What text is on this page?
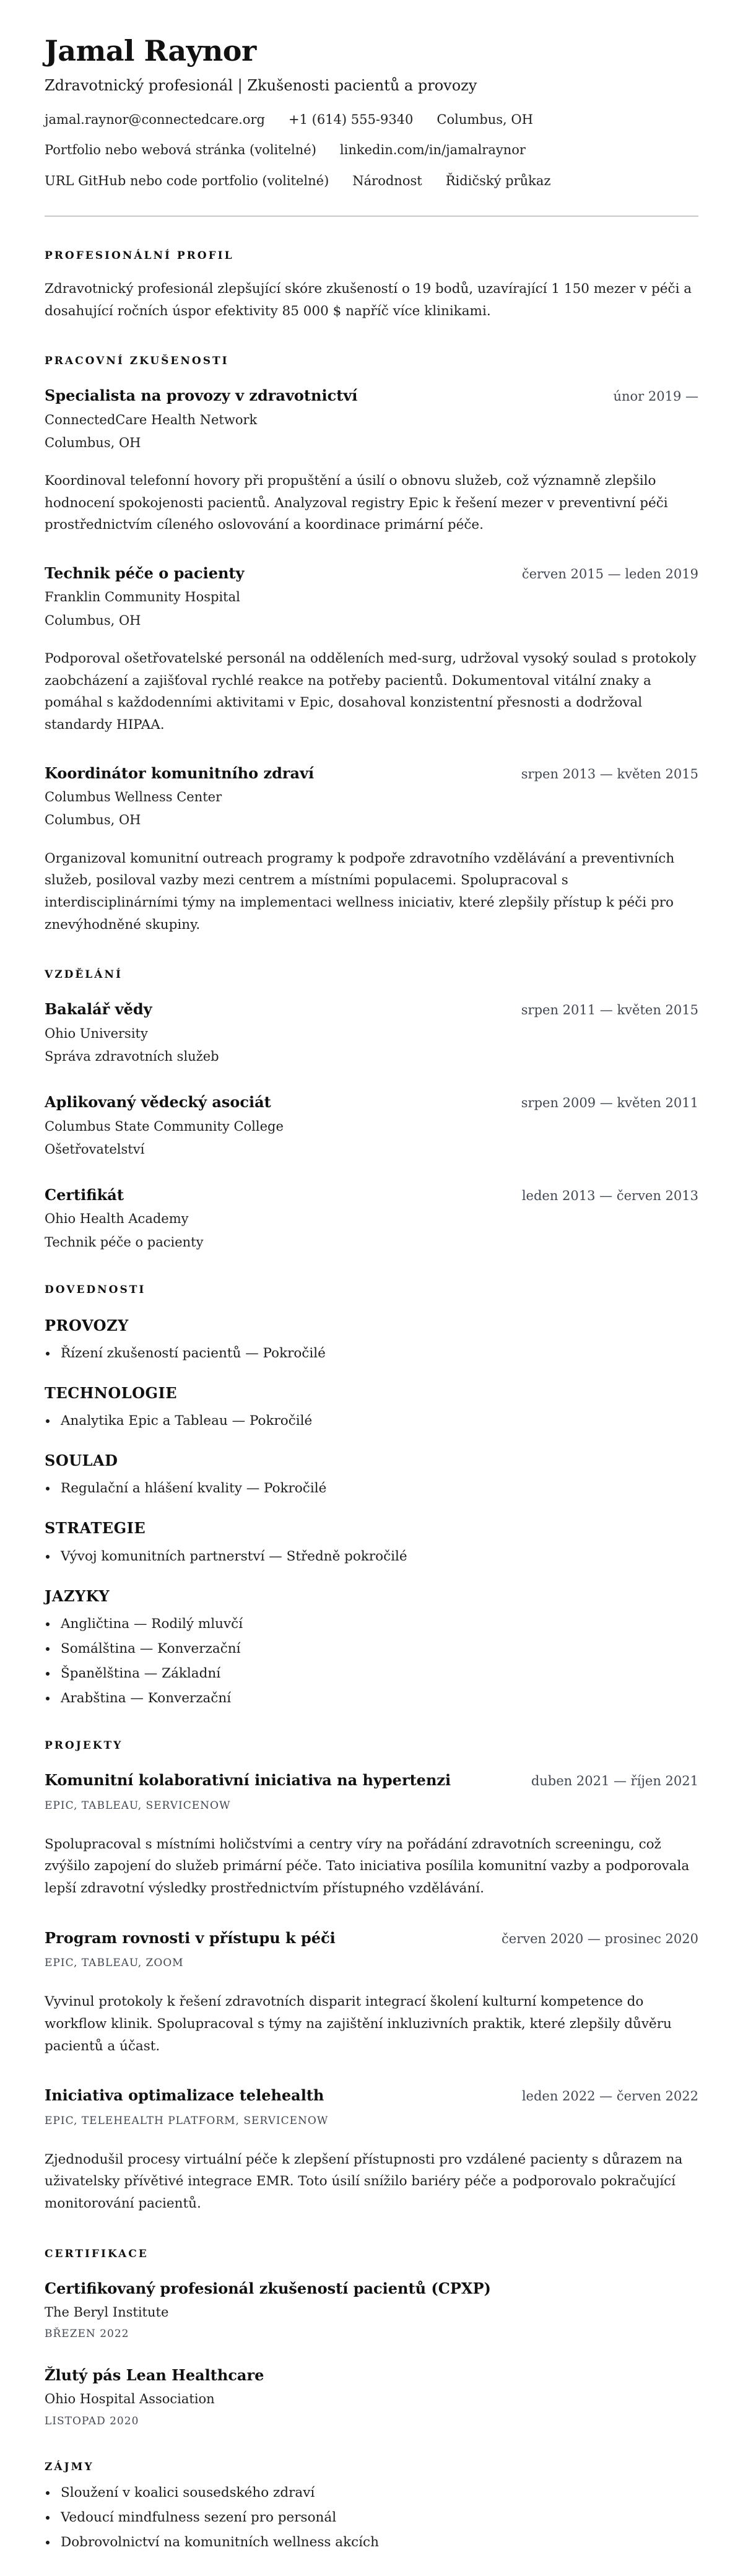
Jamal Raynor
Zdravotnický profesionál | Zkušenosti pacientů a provozy
jamal.raynor@connectedcare.org +1 (614) 555-9340 Columbus, OH
Portfolio nebo webová stránka (volitelné) linkedin.com/in/jamalraynor
URL GitHub nebo code portfolio (volitelné) Národnost Řidičský průkaz
PROFESIONÁLNÍ PROFIL

Zdravotnický profesionál zlepšující skóre zkušeností o 19 bodů, uzavírající 1 150 mezer v péči a dosahující ročních úspor efektivity 85 000 $ napříč více klinikami.

PRACOVNÍ ZKUŠENOSTI
Specialista na provozy v zdravotnictví	únor 2019 —
ConnectedCare Health Network
Columbus, OH

Koordinoval telefonní hovory při propuštění a úsilí o obnovu služeb, což významně zlepšilo hodnocení spokojenosti pacientů. Analyzoval registry Epic k řešení mezer v preventivní péči prostřednictvím cíleného oslovování a koordinace primární péče.

Technik péče o pacienty	červen 2015 — leden 2019
Franklin Community Hospital
Columbus, OH

Podporoval ošetřovatelské personál na odděleních med-surg, udržoval vysoký soulad s protokoly zaobcházení a zajišťoval rychlé reakce na potřeby pacientů. Dokumentoval vitální znaky a pomáhal s každodenními aktivitami v Epic, dosahoval konzistentní přesnosti a dodržoval standardy HIPAA.

Koordinátor komunitního zdraví	srpen 2013 — květen 2015
Columbus Wellness Center
Columbus, OH

Organizoval komunitní outreach programy k podpoře zdravotního vzdělávání a preventivních služeb, posiloval vazby mezi centrem a místními populacemi. Spolupracoval s interdisciplinárními týmy na implementaci wellness iniciativ, které zlepšily přístup k péči pro znevýhodněné skupiny.

VZDĚLÁNÍ
Bakalář vědy	srpen 2011 — květen 2015
Ohio University
Správa zdravotních služeb
Aplikovaný vědecký asociát	srpen 2009 — květen 2011
Columbus State Community College
Ošetřovatelství
Certifikát	leden 2013 — červen 2013
Ohio Health Academy
Technik péče o pacienty
DOVEDNOSTI
PROVOZY
Řízení zkušeností pacientů — Pokročilé
TECHNOLOGIE
Analytika Epic a Tableau — Pokročilé
SOULAD
Regulační a hlášení kvality — Pokročilé
STRATEGIE
Vývoj komunitních partnerství — Středně pokročilé
JAZYKY
Angličtina — Rodilý mluvčí
Somálština — Konverzační
Španělština — Základní
Arabština — Konverzační
PROJEKTY
Komunitní kolaborativní iniciativa na hypertenzi	duben 2021 — říjen 2021
EPIC, TABLEAU, SERVICENOW

Spolupracoval s místními holičstvími a centry víry na pořádání zdravotních screeningu, což zvýšilo zapojení do služeb primární péče. Tato iniciativa posílila komunitní vazby a podporovala lepší zdravotní výsledky prostřednictvím přístupného vzdělávání.

Program rovnosti v přístupu k péči	červen 2020 — prosinec 2020
EPIC, TABLEAU, ZOOM

Vyvinul protokoly k řešení zdravotních disparit integrací školení kulturní kompetence do workflow klinik. Spolupracoval s týmy na zajištění inkluzivních praktik, které zlepšily důvěru pacientů a účast.

Iniciativa optimalizace telehealth	leden 2022 — červen 2022
EPIC, TELEHEALTH PLATFORM, SERVICENOW

Zjednodušil procesy virtuální péče k zlepšení přístupnosti pro vzdálené pacienty s důrazem na uživatelsky přívětivé integrace EMR. Toto úsilí snížilo bariéry péče a podporovalo pokračující monitorování pacientů.

CERTIFIKACE
Certifikovaný profesionál zkušeností pacientů (CPXP)
The Beryl Institute
BŘEZEN 2022
Žlutý pás Lean Healthcare
Ohio Hospital Association
LISTOPAD 2020
ZÁJMY
Sloužení v koalici sousedského zdraví
Vedoucí mindfulness sezení pro personál
Dobrovolnictví na komunitních wellness akcích
